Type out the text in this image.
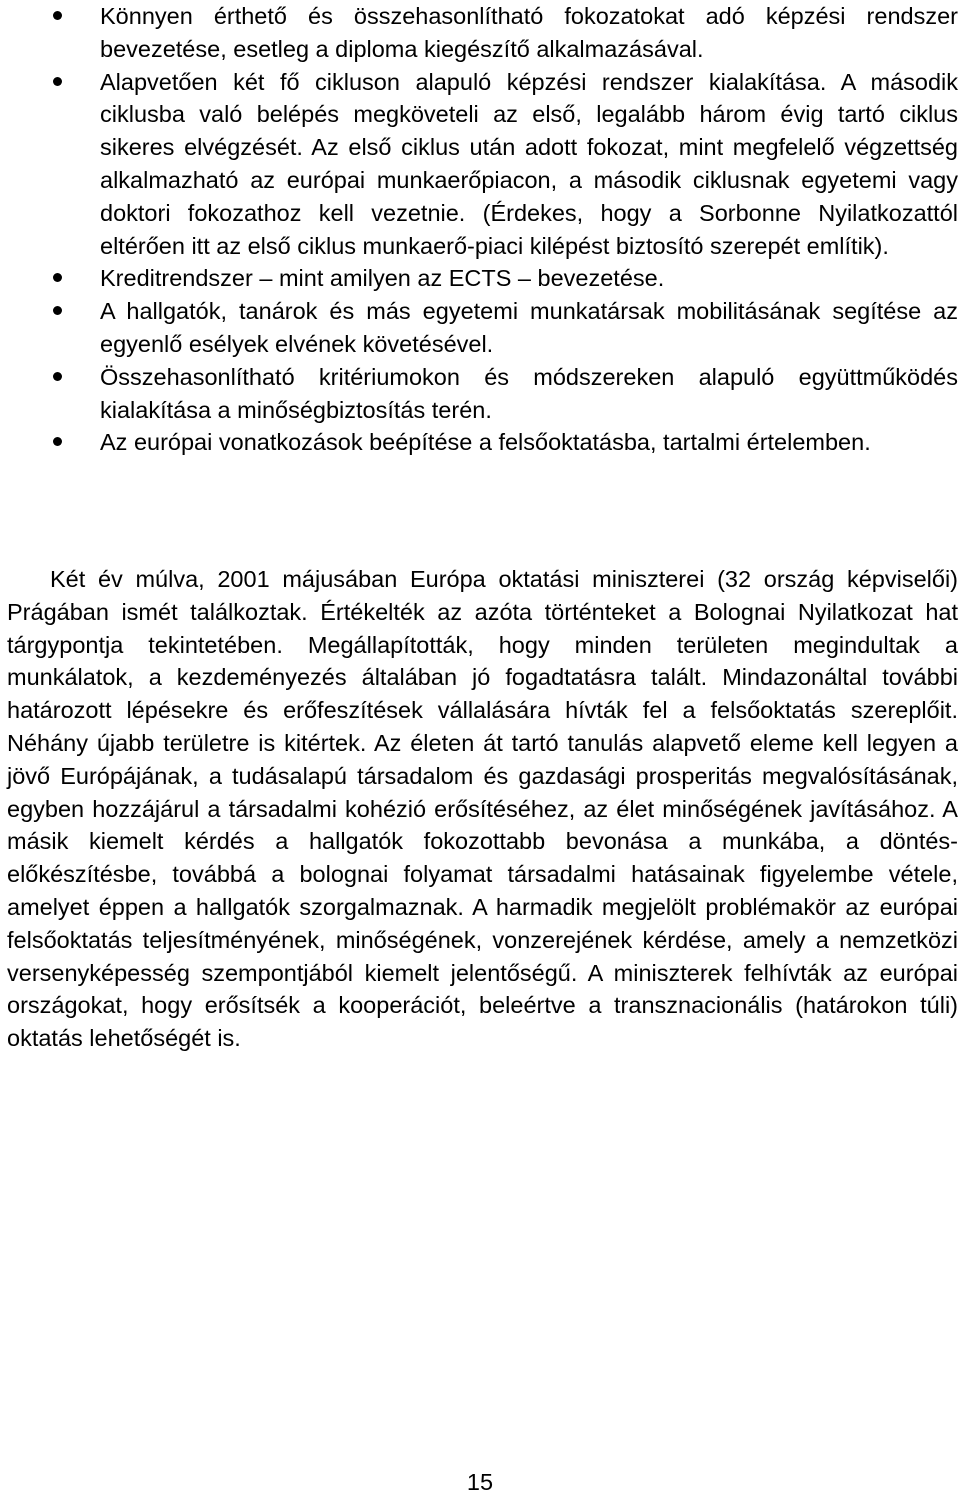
Könnyen érthető és összehasonlítható fokozatokat adó képzési rendszer bevezetése, esetleg a diploma kiegészítő alkalmazásával.
Alapvetően két fő cikluson alapuló képzési rendszer kialakítása. A második ciklusba való belépés megköveteli az első, legalább három évig tartó ciklus sikeres elvégzését. Az első ciklus után adott fokozat, mint megfelelő végzettség alkalmazható az európai munkaerőpiacon, a második ciklusnak egyetemi vagy doktori fokozathoz kell vezetnie. (Érdekes, hogy a Sorbonne Nyilatkozattól eltérően itt az első ciklus munkaerő-piaci kilépést biztosító szerepét említik).
Kreditrendszer – mint amilyen az ECTS – bevezetése.
A hallgatók, tanárok és más egyetemi munkatársak mobilitásának segítése az egyenlő esélyek elvének követésével.
Összehasonlítható kritériumokon és módszereken alapuló együttműködés kialakítása a minőségbiztosítás terén.
Az európai vonatkozások beépítése a felsőoktatásba, tartalmi értelemben.

Két év múlva, 2001 májusában Európa oktatási miniszterei (32 ország képviselői) Prágában ismét találkoztak. Értékelték az azóta történteket a Bolognai Nyilatkozat hat tárgypontja tekintetében. Megállapították, hogy minden területen megindultak a munkálatok, a kezdeményezés általában jó fogadtatásra talált. Mindazonáltal további határozott lépésekre és erőfeszítések vállalására hívták fel a felsőoktatás szereplőit. Néhány újabb területre is kitértek. Az életen át tartó tanulás alapvető eleme kell legyen a jövő Európájának, a tudásalapú társadalom és gazdasági prosperitás megvalósításának, egyben hozzájárul a társadalmi kohézió erősítéséhez, az élet minőségének javításához. A másik kiemelt kérdés a hallgatók fokozottabb bevonása a munkába, a döntés-előkészítésbe, továbbá a bolognai folyamat társadalmi hatásainak figyelembe vétele, amelyet éppen a hallgatók szorgalmaznak. A harmadik megjelölt problémakör az európai felsőoktatás teljesítményének, minőségének, vonzerejének kérdése, amely a nemzetközi versenyképesség szempontjából kiemelt jelentőségű. A miniszterek felhívták az európai országokat, hogy erősítsék a kooperációt, beleértve a transznacionális (határokon túli) oktatás lehetőségét is.

15
